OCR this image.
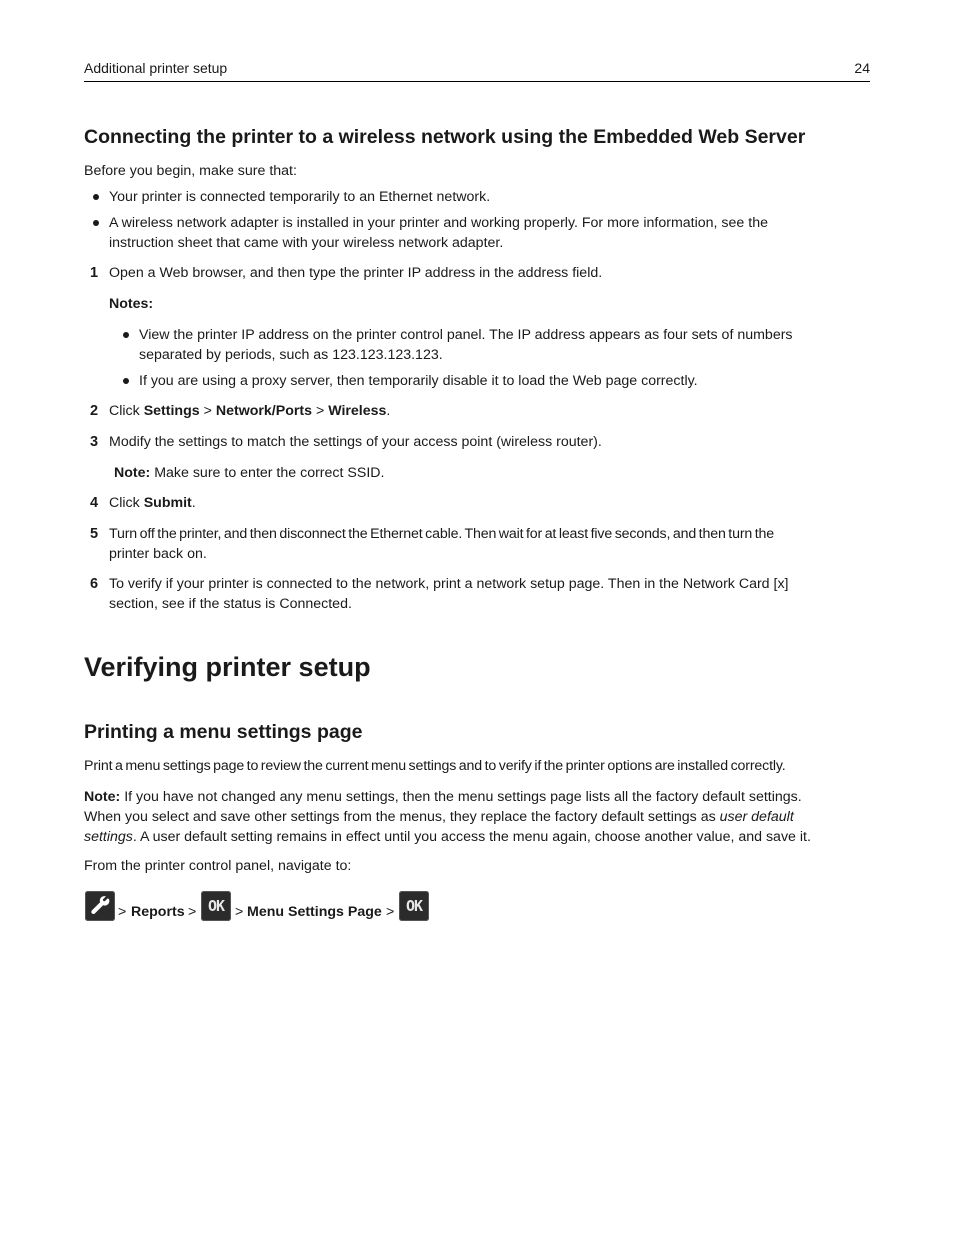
Additional printer setup	24
Connecting the printer to a wireless network using the Embedded Web Server
Before you begin, make sure that:
Your printer is connected temporarily to an Ethernet network.
A wireless network adapter is installed in your printer and working properly. For more information, see the
instruction sheet that came with your wireless network adapter.
1 Open a Web browser, and then type the printer IP address in the address field.
Notes:
View the printer IP address on the printer control panel. The IP address appears as four sets of numbers
separated by periods, such as 123.123.123.123.
If you are using a proxy server, then temporarily disable it to load the Web page correctly.
2 Click Settings > Network/Ports > Wireless.
3 Modify the settings to match the settings of your access point (wireless router).
Note: Make sure to enter the correct SSID.
4 Click Submit.
5 Turn off the printer, and then disconnect the Ethernet cable. Then wait for at least five seconds, and then turn the
printer back on.
6 To verify if your printer is connected to the network, print a network setup page. Then in the Network Card [x]
section, see if the status is Connected.
Verifying printer setup
Printing a menu settings page
Print a menu settings page to review the current menu settings and to verify if the printer options are installed correctly.
Note: If you have not changed any menu settings, then the menu settings page lists all the factory default settings.
When you select and save other settings from the menus, they replace the factory default settings as user default
settings. A user default setting remains in effect until you access the menu again, choose another value, and save it.
From the printer control panel, navigate to:
> Reports > OK > Menu Settings Page > OK
